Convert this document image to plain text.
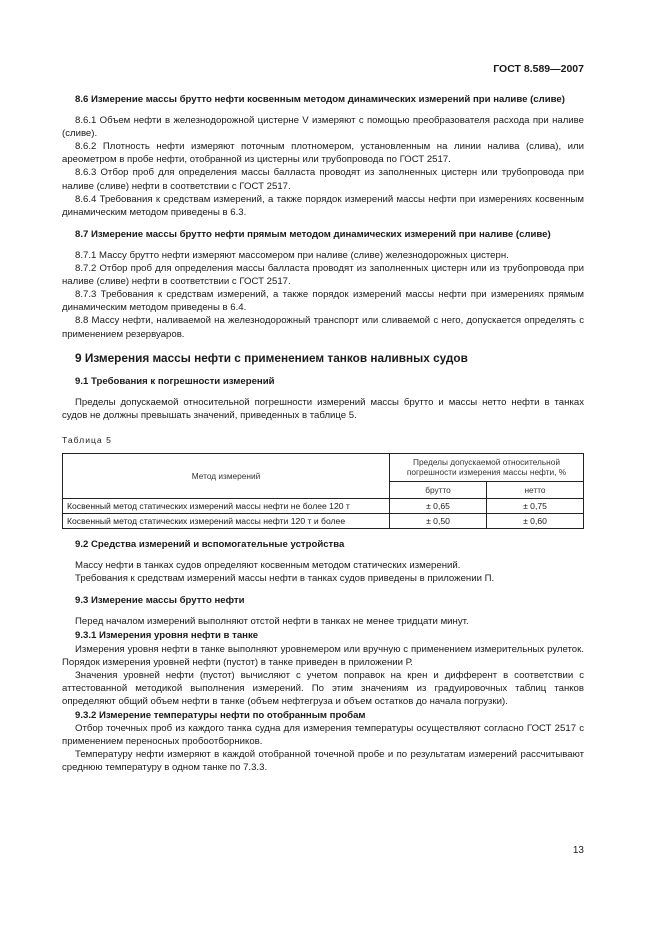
ГОСТ 8.589—2007

8.6 Измерение массы брутто нефти косвенным методом динамических измерений при наливе (сливе)

8.6.1 Объем нефти в железнодорожной цистерне V измеряют с помощью преобразователя расхода при наливе (сливе).

8.6.2 Плотность нефти измеряют поточным плотномером, установленным на линии налива (слива), или ареометром в пробе нефти, отобранной из цистерны или трубопровода по ГОСТ 2517.

8.6.3 Отбор проб для определения массы балласта проводят из заполненных цистерн или трубопровода при наливе (сливе) нефти в соответствии с ГОСТ 2517.

8.6.4 Требования к средствам измерений, а также порядок измерений массы нефти при измерениях косвенным динамическим методом приведены в 6.3.

8.7 Измерение массы брутто нефти прямым методом динамических измерений при наливе (сливе)

8.7.1 Массу брутто нефти измеряют массомером при наливе (сливе) железнодорожных цистерн.

8.7.2 Отбор проб для определения массы балласта проводят из заполненных цистерн или из трубопровода при наливе (сливе) нефти в соответствии с ГОСТ 2517.

8.7.3 Требования к средствам измерений, а также порядок измерений массы нефти при измерениях прямым динамическим методом приведены в 6.4.

8.8 Массу нефти, наливаемой на железнодорожный транспорт или сливаемой с него, допускается определять с применением резервуаров.

9 Измерения массы нефти с применением танков наливных судов

9.1 Требования к погрешности измерений

Пределы допускаемой относительной погрешности измерений массы брутто и массы нетто нефти в танках судов не должны превышать значений, приведенных в таблице 5.

Таблица 5

Метод измерений	Пределы допускаемой относительной погрешности измерения массы нефти, %	
	брутто	нетто
Косвенный метод статических измерений массы нефти не более 120 т	± 0,65	± 0,75
Косвенный метод статических измерений массы нефти 120 т и более	± 0,50	± 0,60

9.2 Средства измерений и вспомогательные устройства

Массу нефти в танках судов определяют косвенным методом статических измерений.

Требования к средствам измерений массы нефти в танках судов приведены в приложении П.

9.3 Измерение массы брутто нефти

Перед началом измерений выполняют отстой нефти в танках не менее тридцати минут.

9.3.1 Измерения уровня нефти в танке

Измерения уровня нефти в танке выполняют уровнемером или вручную с применением измерительных рулеток. Порядок измерения уровней нефти (пустот) в танке приведен в приложении Р.

Значения уровней нефти (пустот) вычисляют с учетом поправок на крен и дифферент в соответствии с аттестованной методикой выполнения измерений. По этим значениям из градуировочных таблиц танков определяют общий объем нефти в танке (объем нефтегруза и объем остатков до начала погрузки).

9.3.2 Измерение температуры нефти по отобранным пробам

Отбор точечных проб из каждого танка судна для измерения температуры осуществляют согласно ГОСТ 2517 с применением переносных пробоотборников.

Температуру нефти измеряют в каждой отобранной точечной пробе и по результатам измерений рассчитывают среднюю температуру в одном танке по 7.3.3.

13
